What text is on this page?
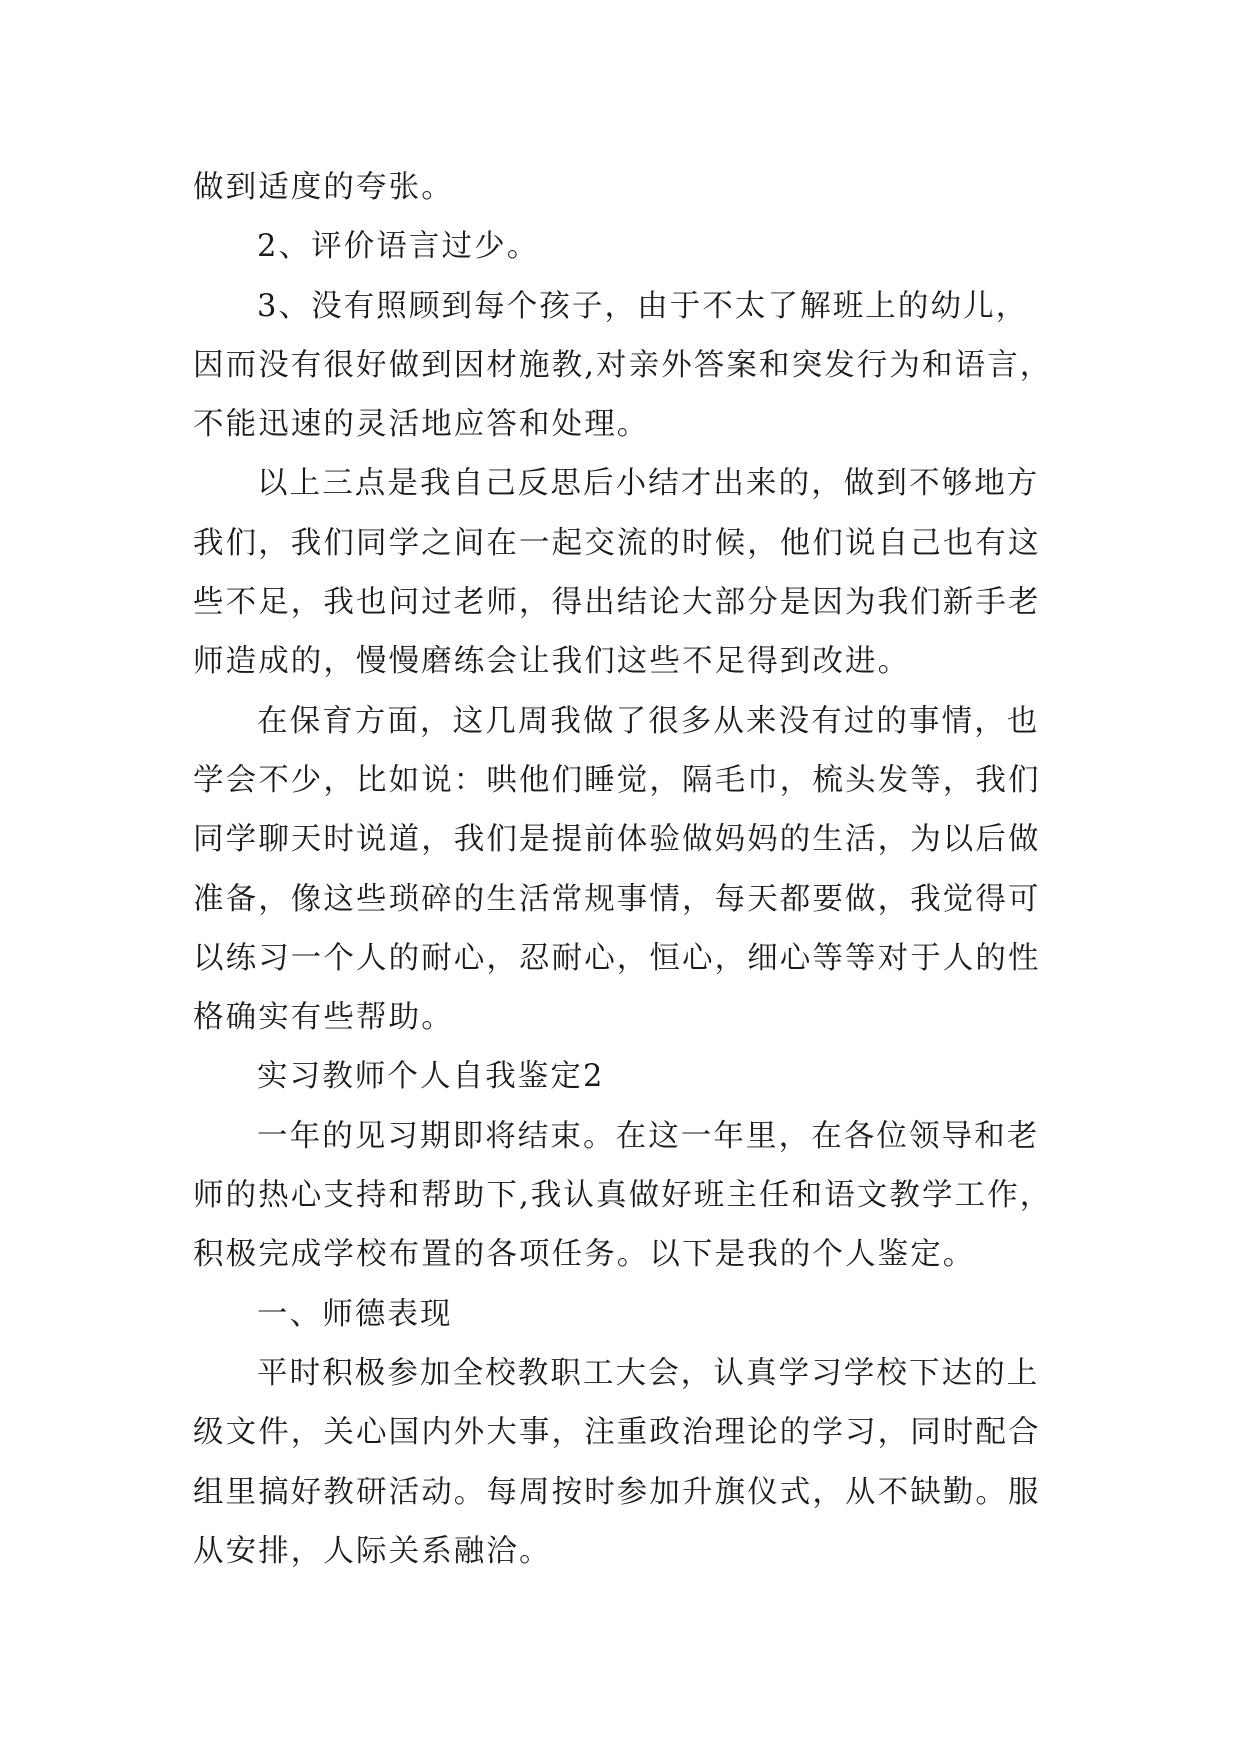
做到适度的夸张。
2、评价语言过少。
3、没有照顾到每个孩子，由于不太了解班上的幼儿，
因而没有很好做到因材施教,对亲外答案和突发行为和语言，
不能迅速的灵活地应答和处理。
以上三点是我自己反思后小结才出来的，做到不够地方
我们，我们同学之间在一起交流的时候，他们说自己也有这
些不足，我也问过老师，得出结论大部分是因为我们新手老
师造成的，慢慢磨练会让我们这些不足得到改进。
在保育方面，这几周我做了很多从来没有过的事情，也
学会不少，比如说：哄他们睡觉，隔毛巾，梳头发等，我们
同学聊天时说道，我们是提前体验做妈妈的生活，为以后做
准备，像这些琐碎的生活常规事情，每天都要做，我觉得可
以练习一个人的耐心，忍耐心，恒心，细心等等对于人的性
格确实有些帮助。
实习教师个人自我鉴定2
一年的见习期即将结束。在这一年里，在各位领导和老
师的热心支持和帮助下,我认真做好班主任和语文教学工作，
积极完成学校布置的各项任务。以下是我的个人鉴定。
一、师德表现
平时积极参加全校教职工大会，认真学习学校下达的上
级文件，关心国内外大事，注重政治理论的学习，同时配合
组里搞好教研活动。每周按时参加升旗仪式，从不缺勤。服
从安排，人际关系融洽。
